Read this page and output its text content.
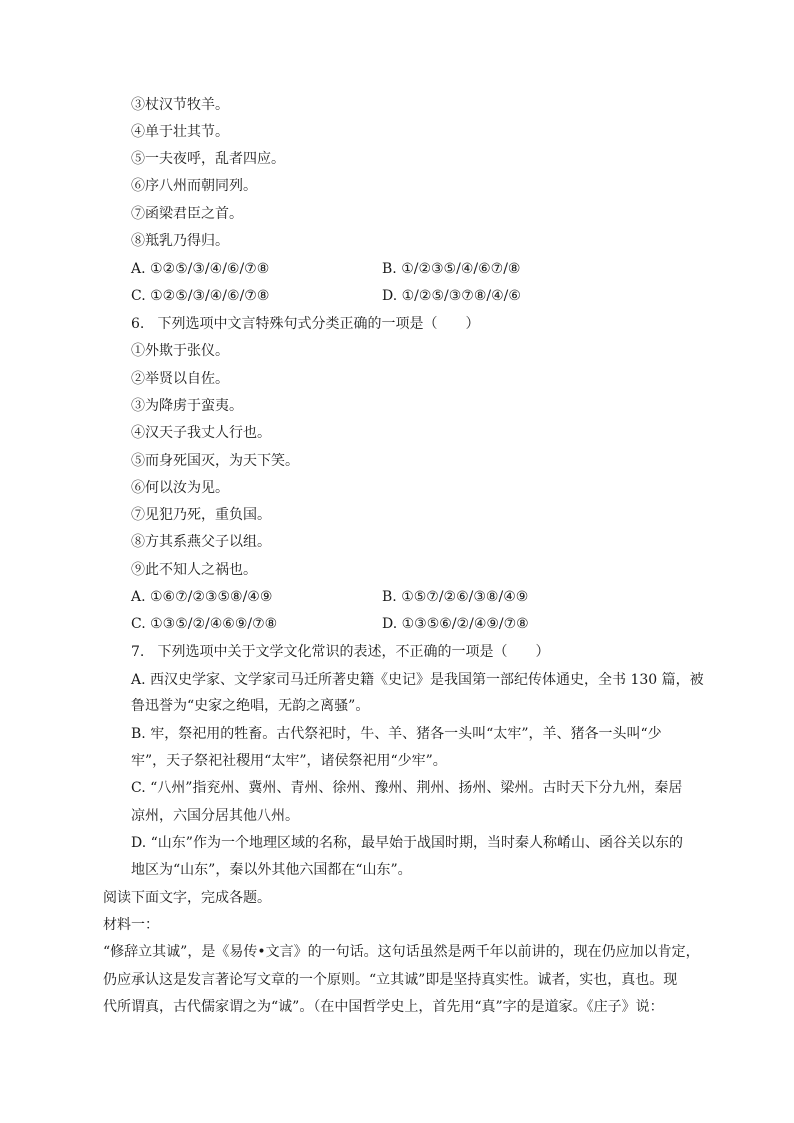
③杖汉节牧羊。
④单于壮其节。
⑤一夫夜呼，乱者四应。
⑥序八州而朝同列。
⑦函梁君臣之首。
⑧羝乳乃得归。
A. ①②⑤/③/④/⑥/⑦⑧	B. ①/②③⑤/④/⑥⑦/⑧
C. ①②⑤/③/④/⑥/⑦⑧	D. ①/②⑤/③⑦⑧/④/⑥
6. 下列选项中文言特殊句式分类正确的一项是（　　）
①外欺于张仪。
②举贤以自佐。
③为降虏于蛮夷。
④汉天子我丈人行也。
⑤而身死国灭，为天下笑。
⑥何以汝为见。
⑦见犯乃死，重负国。
⑧方其系燕父子以组。
⑨此不知人之祸也。
A. ①⑥⑦/②③⑤⑧/④⑨	B. ①⑤⑦/②⑥/③⑧/④⑨
C. ①③⑤/②/④⑥⑨/⑦⑧	D. ①③⑤⑥/②/④⑨/⑦⑧
7. 下列选项中关于文学文化常识的表述，不正确的一项是（　　）
A. 西汉史学家、文学家司马迁所著史籍《史记》是我国第一部纪传体通史，全书 130 篇，被
鲁迅誉为“史家之绝唱，无韵之离骚”。
B. 牢，祭祀用的牲畜。古代祭祀时，牛、羊、猪各一头叫“太牢”，羊、猪各一头叫“少
牢”，天子祭祀社稷用“太牢”，诸侯祭祀用“少牢”。
C. “八州”指兖州、冀州、青州、徐州、豫州、荆州、扬州、梁州。古时天下分九州，秦居
凉州，六国分居其他八州。
D. “山东”作为一个地理区域的名称，最早始于战国时期，当时秦人称崤山、函谷关以东的
地区为“山东”，秦以外其他六国都在“山东”。
阅读下面文字，完成各题。
材料一：
“修辞立其诚”，是《易传•文言》的一句话。这句话虽然是两千年以前讲的，现在仍应加以肯定，
仍应承认这是发言著论写文章的一个原则。“立其诚”即是坚持真实性。诚者，实也，真也。现
代所谓真，古代儒家谓之为“诚”。（在中国哲学史上，首先用“真”字的是道家。《庄子》说：
